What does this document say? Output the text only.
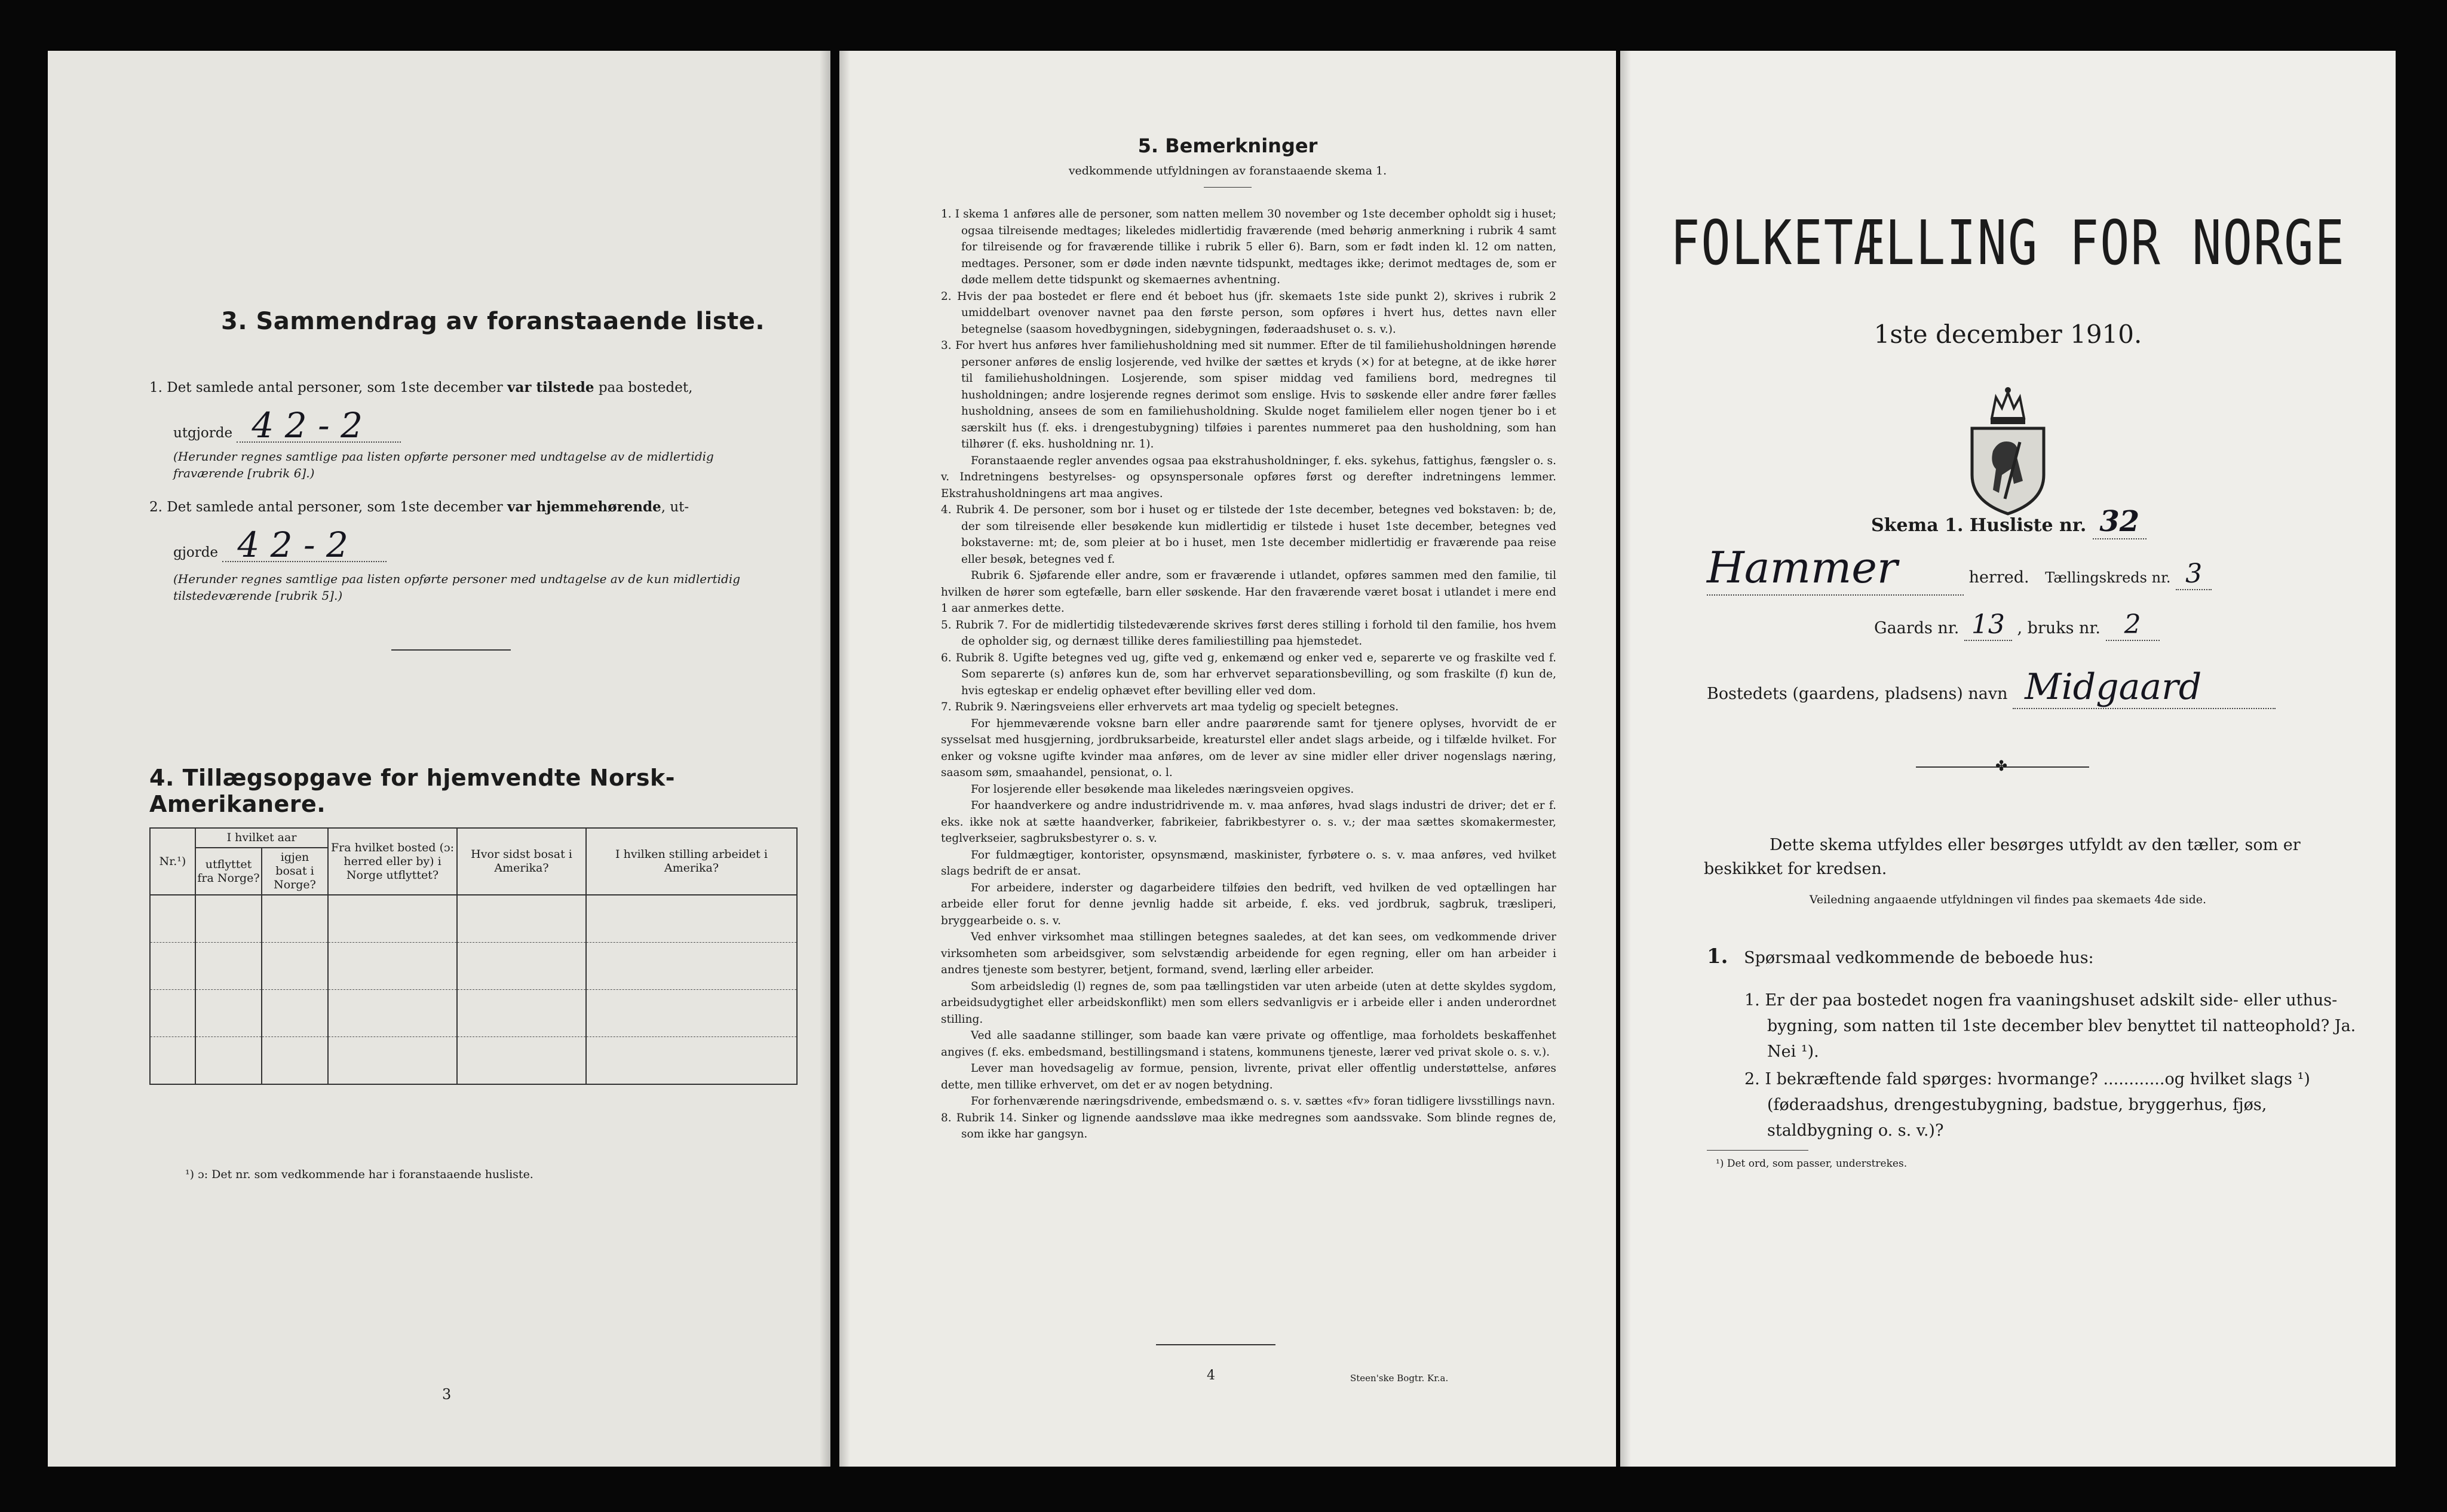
3. Sammendrag av foranstaaende liste.
1. Det samlede antal personer, som 1ste december var tilstede paa bostedet,
utgjorde 4 2 - 2
(Herunder regnes samtlige paa listen opførte personer med undtagelse av de midlertidig fraværende [rubrik 6].)
2. Det samlede antal personer, som 1ste december var hjemmehørende, ut-
gjorde 4 2 - 2
(Herunder regnes samtlige paa listen opførte personer med undtagelse av de kun midlertidig tilstedeværende [rubrik 5].)
4. Tillægsopgave for hjemvendte Norsk-Amerikanere.
Nr.¹)	I hvilket aar		Fra hvilket bosted (ɔ: herred eller by) i Norge utflyttet?	Hvor sidst bosat i Amerika?	I hvilken stilling arbeidet i Amerika?
	utflyttet fra Norge?	igjen bosat i Norge?			

¹) ɔ: Det nr. som vedkommende har i foranstaaende husliste.
3
5. Bemerkninger
vedkommende utfyldningen av foranstaaende skema 1.

1. I skema 1 anføres alle de personer, som natten mellem 30 november og 1ste december opholdt sig i huset; ogsaa tilreisende medtages; likeledes midlertidig fraværende (med behørig anmerkning i rubrik 4 samt for tilreisende og for fraværende tillike i rubrik 5 eller 6). Barn, som er født inden kl. 12 om natten, medtages. Personer, som er døde inden nævnte tidspunkt, medtages ikke; derimot medtages de, som er døde mellem dette tidspunkt og skemaernes avhentning.

2. Hvis der paa bostedet er flere end ét beboet hus (jfr. skemaets 1ste side punkt 2), skrives i rubrik 2 umiddelbart ovenover navnet paa den første person, som opføres i hvert hus, dettes navn eller betegnelse (saasom hovedbygningen, sidebygningen, føderaadshuset o. s. v.).

3. For hvert hus anføres hver familiehusholdning med sit nummer. Efter de til familiehusholdningen hørende personer anføres de enslig losjerende, ved hvilke der sættes et kryds (×) for at betegne, at de ikke hører til familiehusholdningen. Losjerende, som spiser middag ved familiens bord, medregnes til husholdningen; andre losjerende regnes derimot som enslige. Hvis to søskende eller andre fører fælles husholdning, ansees de som en familiehusholdning. Skulde noget familielem eller nogen tjener bo i et særskilt hus (f. eks. i drengestubygning) tilføies i parentes nummeret paa den husholdning, som han tilhører (f. eks. husholdning nr. 1).

Foranstaaende regler anvendes ogsaa paa ekstrahusholdninger, f. eks. sykehus, fattighus, fængsler o. s. v. Indretningens bestyrelses- og opsynspersonale opføres først og derefter indretningens lemmer. Ekstrahusholdningens art maa angives.

4. Rubrik 4. De personer, som bor i huset og er tilstede der 1ste december, betegnes ved bokstaven: b; de, der som tilreisende eller besøkende kun midlertidig er tilstede i huset 1ste december, betegnes ved bokstaverne: mt; de, som pleier at bo i huset, men 1ste december midlertidig er fraværende paa reise eller besøk, betegnes ved f.

Rubrik 6. Sjøfarende eller andre, som er fraværende i utlandet, opføres sammen med den familie, til hvilken de hører som egtefælle, barn eller søskende. Har den fraværende været bosat i utlandet i mere end 1 aar anmerkes dette.

5. Rubrik 7. For de midlertidig tilstedeværende skrives først deres stilling i forhold til den familie, hos hvem de opholder sig, og dernæst tillike deres familiestilling paa hjemstedet.

6. Rubrik 8. Ugifte betegnes ved ug, gifte ved g, enkemænd og enker ved e, separerte ve og fraskilte ved f. Som separerte (s) anføres kun de, som har erhvervet separationsbevilling, og som fraskilte (f) kun de, hvis egteskap er endelig ophævet efter bevilling eller ved dom.

7. Rubrik 9. Næringsveiens eller erhvervets art maa tydelig og specielt betegnes.

For hjemmeværende voksne barn eller andre paarørende samt for tjenere oplyses, hvorvidt de er sysselsat med husgjerning, jordbruksarbeide, kreaturstel eller andet slags arbeide, og i tilfælde hvilket. For enker og voksne ugifte kvinder maa anføres, om de lever av sine midler eller driver nogenslags næring, saasom søm, smaahandel, pensionat, o. l.

For losjerende eller besøkende maa likeledes næringsveien opgives.

For haandverkere og andre industridrivende m. v. maa anføres, hvad slags industri de driver; det er f. eks. ikke nok at sætte haandverker, fabrikeier, fabrikbestyrer o. s. v.; der maa sættes skomakermester, teglverkseier, sagbruksbestyrer o. s. v.

For fuldmægtiger, kontorister, opsynsmænd, maskinister, fyrbøtere o. s. v. maa anføres, ved hvilket slags bedrift de er ansat.

For arbeidere, inderster og dagarbeidere tilføies den bedrift, ved hvilken de ved optællingen har arbeide eller forut for denne jevnlig hadde sit arbeide, f. eks. ved jordbruk, sagbruk, træsliperi, bryggearbeide o. s. v.

Ved enhver virksomhet maa stillingen betegnes saaledes, at det kan sees, om vedkommende driver virksomheten som arbeidsgiver, som selvstændig arbeidende for egen regning, eller om han arbeider i andres tjeneste som bestyrer, betjent, formand, svend, lærling eller arbeider.

Som arbeidsledig (l) regnes de, som paa tællingstiden var uten arbeide (uten at dette skyldes sygdom, arbeidsudygtighet eller arbeidskonflikt) men som ellers sedvanligvis er i arbeide eller i anden underordnet stilling.

Ved alle saadanne stillinger, som baade kan være private og offentlige, maa forholdets beskaffenhet angives (f. eks. embedsmand, bestillingsmand i statens, kommunens tjeneste, lærer ved privat skole o. s. v.).

Lever man hovedsagelig av formue, pension, livrente, privat eller offentlig understøttelse, anføres dette, men tillike erhvervet, om det er av nogen betydning.

For forhenværende næringsdrivende, embedsmænd o. s. v. sættes «fv» foran tidligere livsstillings navn.

8. Rubrik 14. Sinker og lignende aandssløve maa ikke medregnes som aandssvake. Som blinde regnes de, som ikke har gangsyn.

4	Steen'ske Bogtr. Kr.a.
FOLKETÆLLING FOR NORGE
1ste december 1910.
Skema 1. Husliste nr. 32
Hammer	herred. Tællingskreds nr. 3
Gaards nr. 13 , bruks nr. 2
Bostedets (gaardens, pladsens) navn Midgaard
✤
Dette skema utfyldes eller besørges utfyldt av den tæller, som er beskikket for kredsen.
Veiledning angaaende utfyldningen vil findes paa skemaets 4de side.
1. Spørsmaal vedkommende de beboede hus:
1. Er der paa bostedet nogen fra vaaningshuset adskilt side- eller uthus-bygning, som natten til 1ste december blev benyttet til natteophold? Ja. Nei ¹).
2. I bekræftende fald spørges: hvormange? ............og hvilket slags ¹) (føderaadshus, drengestubygning, badstue, bryggerhus, fjøs, staldbygning o. s. v.)?
¹) Det ord, som passer, understrekes.
